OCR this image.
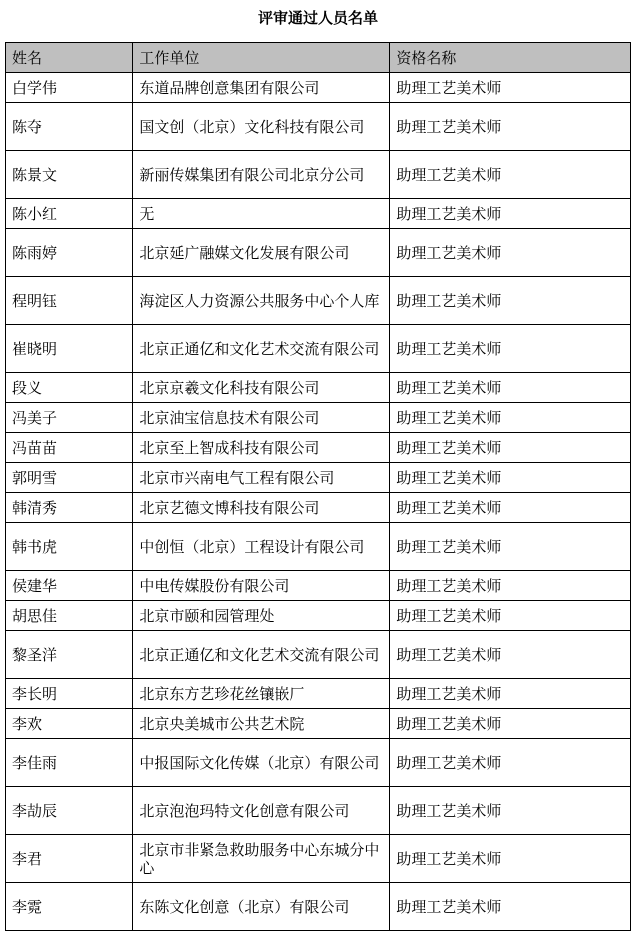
评审通过人员名单
姓名	工作单位	资格名称
白学伟	东道品牌创意集团有限公司	助理工艺美术师
陈夺	国文创（北京）文化科技有限公司	助理工艺美术师
陈景文	新丽传媒集团有限公司北京分公司	助理工艺美术师
陈小红	无	助理工艺美术师
陈雨婷	北京延广融媒文化发展有限公司	助理工艺美术师
程明钰	海淀区人力资源公共服务中心个人库	助理工艺美术师
崔晓明	北京正通亿和文化艺术交流有限公司	助理工艺美术师
段义	北京京羲文化科技有限公司	助理工艺美术师
冯美子	北京油宝信息技术有限公司	助理工艺美术师
冯苗苗	北京至上智成科技有限公司	助理工艺美术师
郭明雪	北京市兴南电气工程有限公司	助理工艺美术师
韩清秀	北京艺德文博科技有限公司	助理工艺美术师
韩书虎	中创恒（北京）工程设计有限公司	助理工艺美术师
侯建华	中电传媒股份有限公司	助理工艺美术师
胡思佳	北京市颐和园管理处	助理工艺美术师
黎圣洋	北京正通亿和文化艺术交流有限公司	助理工艺美术师
李长明	北京东方艺珍花丝镶嵌厂	助理工艺美术师
李欢	北京央美城市公共艺术院	助理工艺美术师
李佳雨	中报国际文化传媒（北京）有限公司	助理工艺美术师
李劼辰	北京泡泡玛特文化创意有限公司	助理工艺美术师
李君	北京市非紧急救助服务中心东城分中心	助理工艺美术师
李霓	东陈文化创意（北京）有限公司	助理工艺美术师
